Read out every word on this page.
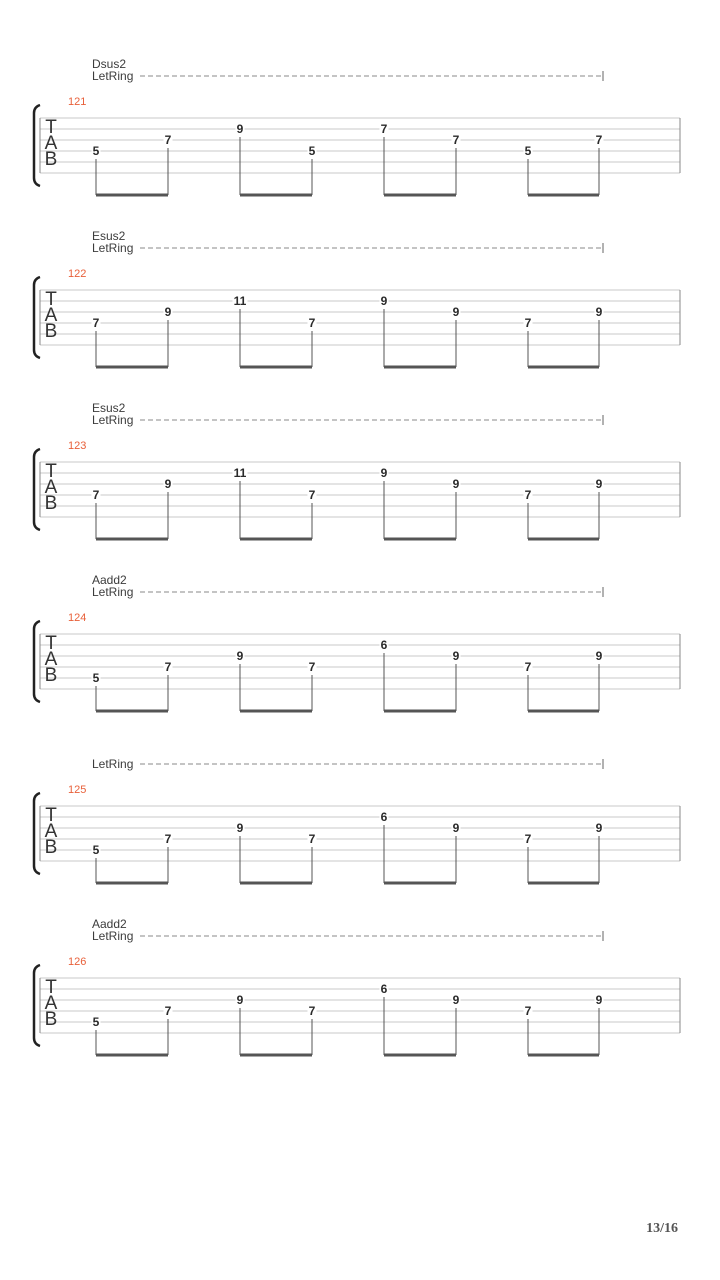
Dsus2
LetRing
121
T
A
B	5
7
9
5
7
7
5
7
Esus2
LetRing
122
T
A
B	7
9
11
7
9
9
7
9
Esus2
LetRing
123
T
A
B	7
9
11
7
9
9
7
9
Aadd2
LetRing
124
T
A
B	5
7
9
7
6
9
7
9
LetRing
125
T
A
B	5
7
9
7
6
9
7
9
Aadd2
LetRing
126
T
A
B	5
7
9
7
6
9
7
9
13/16
